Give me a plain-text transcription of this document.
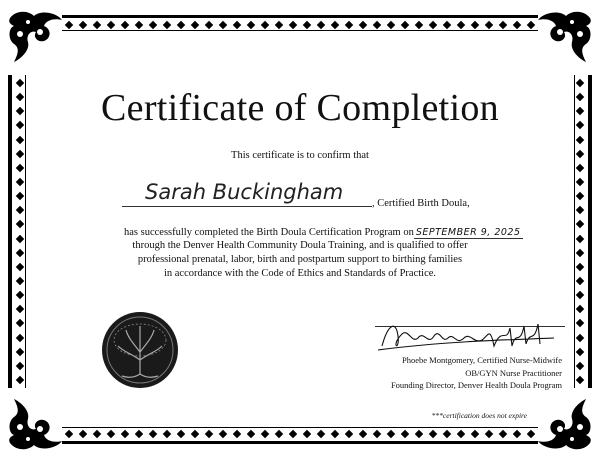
Certificate of Completion
This certificate is to confirm that
Sarah Buckingham	, Certified Birth Doula,
has successfully completed the Birth Doula Certification Program on SEPTEMBER 9, 2025
through the Denver Health Community Doula Training, and is qualified to offer
professional prenatal, labor, birth and postpartum support to birthing families
in accordance with the Code of Ethics and Standards of Practice.
Phoebe Montgomery, Certified Nurse-Midwife
OB/GYN Nurse Practitioner
Founding Director, Denver Health Doula Program
***certification does not expire
